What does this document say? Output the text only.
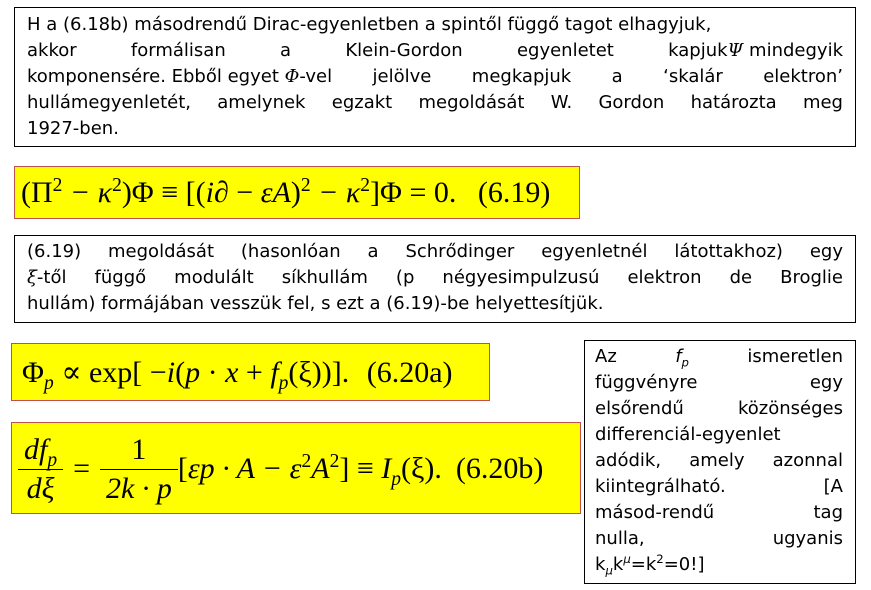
H a (6.18b) másodrendű Dirac-egyenletben a spintől függő tagot elhagyjuk,
akkor formálisan a Klein-Gordon egyenletet kapjuk Ψ mindegyik
komponensére. Ebből egyet Φ -vel jelölve megkapjuk a ‘skalár elektron’
hullámegyenletét, amelynek egzakt megoldását W. Gordon határozta meg
1927-ben.
$(\Pi^2 - \kappa^2)\Phi \equiv [(i\partial - \varepsilon A)^2 - \kappa^2]\Phi = 0$. (6.19)
(6.19) megoldását (hasonlóan a Schrődinger egyenletnél látottakhoz) egy
ξ -től függő modulált síkhullám (p négyesimpulzusú elektron de Broglie
hullám) formájában vesszük fel, s ezt a (6.19)-be helyettesítjük.
$\Phi_p \propto \exp[ -i(p \cdot x + f_p(\xi))]$. (6.20a)
$\frac{df_p}{d\xi} = \frac{1}{2k \cdot p} [\varepsilon p \cdot A - \varepsilon^2A^2] \equiv I_p(\xi)$. (6.20b)
Az	$f_p$	ismeretlen
függvényre	egy
elsőrendű	közönséges
differenciál-egyenlet
adódik, amely azonnal
kiintegrálható.	[A
másod-rendű	tag
nulla,	ugyanis
$k_\mu k^\mu=k^2=0$!]
